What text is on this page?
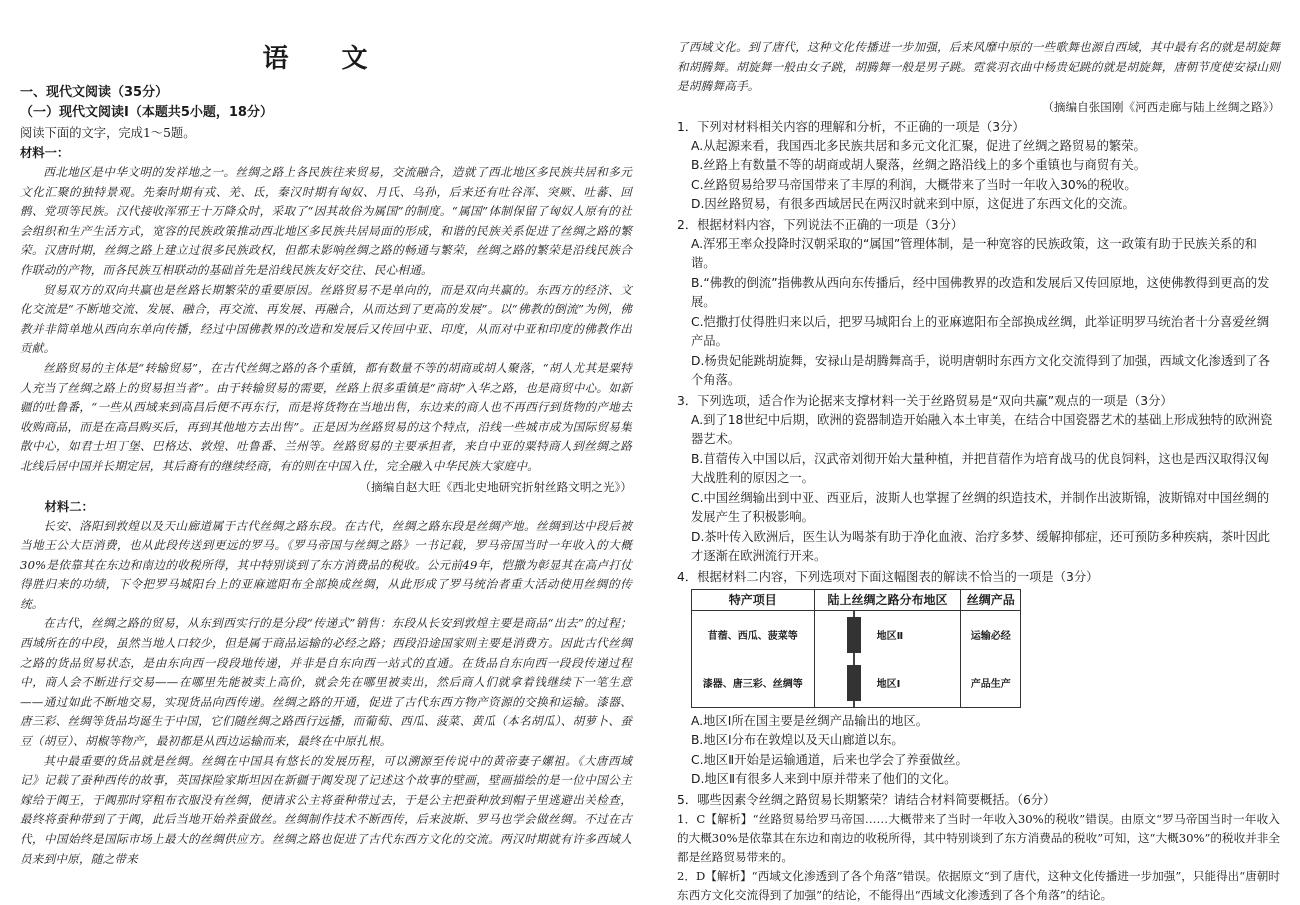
语 文
一、现代文阅读（35分）
（一）现代文阅读Ⅰ（本题共5小题，18分）
阅读下面的文字，完成1～5题。
材料一：

西北地区是中华文明的发祥地之一。丝绸之路上各民族往来贸易，交流融合，造就了西北地区多民族共居和多元文化汇聚的独特景观。先秦时期有戎、羌、氐，秦汉时期有匈奴、月氏、乌孙，后来还有吐谷浑、突厥、吐蕃、回鹘、党项等民族。汉代接收浑邪王十万降众时，采取了“因其故俗为属国”的制度。“属国”体制保留了匈奴人原有的社会组织和生产生活方式，宽容的民族政策推动西北地区多民族共居局面的形成，和谐的民族关系促进了丝绸之路的繁荣。汉唐时期，丝绸之路上建立过很多民族政权，但都未影响丝绸之路的畅通与繁荣，丝绸之路的繁荣是沿线民族合作联动的产物，而各民族互相联动的基础首先是沿线民族友好交往、民心相通。

贸易双方的双向共赢也是丝路长期繁荣的重要原因。丝路贸易不是单向的，而是双向共赢的。东西方的经济、文化交流是“不断地交流、发展、融合，再交流、再发展、再融合，从而达到了更高的发展”。以“佛教的倒流”为例，佛教并非简单地从西向东单向传播，经过中国佛教界的改造和发展后又传回中亚、印度，从而对中亚和印度的佛教作出贡献。

丝路贸易的主体是“转输贸易”，在古代丝绸之路的各个重镇，都有数量不等的胡商或胡人聚落，“胡人尤其是粟特人充当了丝绸之路上的贸易担当者”。由于转输贸易的需要，丝路上很多重镇是“商胡”入华之路，也是商贸中心。如新疆的吐鲁番，“一些从西域来到高昌后便不再东行，而是将货物在当地出售，东边来的商人也不再西行到货物的产地去收购商品，而是在高昌购买后，再到其他地方去出售”。正是因为丝路贸易的这个特点，沿线一些城市成为国际贸易集散中心，如君士坦丁堡、巴格达、敦煌、吐鲁番、兰州等。丝路贸易的主要承担者，来自中亚的粟特商人到丝绸之路北线后居中国并长期定居，其后裔有的继续经商，有的则在中国入仕，完全融入中华民族大家庭中。

（摘编自赵大旺《西北史地研究折射丝路文明之光》）

材料二：

长安、洛阳到敦煌以及天山廊道属于古代丝绸之路东段。在古代，丝绸之路东段是丝绸产地。丝绸到达中段后被当地王公大臣消费，也从此段传送到更远的罗马。《罗马帝国与丝绸之路》一书记载，罗马帝国当时一年收入的大概30%是依靠其在东边和南边的收税所得，其中特别谈到了东方消费品的税收。公元前49年，恺撒为彰显其在高卢打仗得胜归来的功绩，下令把罗马城阳台上的亚麻遮阳布全部换成丝绸，从此形成了罗马统治者重大活动使用丝绸的传统。

在古代，丝绸之路的贸易，从东到西实行的是分段“传递式”销售：东段从长安到敦煌主要是商品“出去”的过程；西域所在的中段，虽然当地人口较少，但是属于商品运输的必经之路；西段沿途国家则主要是消费方。因此古代丝绸之路的货品贸易状态，是由东向西一段段地传递，并非是自东向西一站式的直通。在货品自东向西一段段传递过程中，商人会不断进行交易——在哪里先能被卖上高价，就会先在哪里被卖出，然后商人们就拿着钱继续下一笔生意——通过如此不断地交易，实现货品向西传递。丝绸之路的开通，促进了古代东西方物产资源的交换和运输。漆器、唐三彩、丝绸等货品均诞生于中国，它们随丝绸之路西行远播，而葡萄、西瓜、菠菜、黄瓜（本名胡瓜）、胡萝卜、蚕豆（胡豆）、胡椒等物产，最初都是从西边运输而来，最终在中原扎根。

其中最重要的货品就是丝绸。丝绸在中国具有悠长的发展历程，可以溯源至传说中的黄帝妻子嫘祖。《大唐西域记》记载了蚕种西传的故事，英国探险家斯坦因在新疆于阗发现了记述这个故事的壁画，壁画描绘的是一位中国公主嫁给于阗王，于阗那时穿粗布衣服没有丝绸，便请求公主将蚕种带过去，于是公主把蚕种放到帽子里逃避出关检查，最终将蚕种带到了于阗，此后当地开始养蚕做丝。丝绸制作技术不断西传，后来波斯、罗马也学会做丝绸。不过在古代，中国始终是国际市场上最大的丝绸供应方。丝绸之路也促进了古代东西方文化的交流。两汉时期就有许多西域人员来到中原，随之带来

了西域文化。到了唐代，这种文化传播进一步加强，后来风靡中原的一些歌舞也源自西域，其中最有名的就是胡旋舞和胡腾舞。胡旋舞一般由女子跳，胡腾舞一般是男子跳。霓裳羽衣曲中杨贵妃跳的就是胡旋舞，唐朝节度使安禄山则是胡腾舞高手。

（摘编自张国刚《河西走廊与陆上丝绸之路》）

1．下列对材料相关内容的理解和分析，不正确的一项是（3分）

A.从起源来看，我国西北多民族共居和多元文化汇聚，促进了丝绸之路贸易的繁荣。

B.丝路上有数量不等的胡商或胡人聚落，丝绸之路沿线上的多个重镇也与商贸有关。

C.丝路贸易给罗马帝国带来了丰厚的利润，大概带来了当时一年收入30%的税收。

D.因丝路贸易，有很多西域居民在两汉时就来到中原，这促进了东西文化的交流。

2．根据材料内容，下列说法不正确的一项是（3分）

A.浑邪王率众投降时汉朝采取的“属国”管理体制，是一种宽容的民族政策，这一政策有助于民族关系的和谐。

B.“佛教的倒流”指佛教从西向东传播后，经中国佛教界的改造和发展后又传回原地，这使佛教得到更高的发展。

C.恺撒打仗得胜归来以后，把罗马城阳台上的亚麻遮阳布全部换成丝绸，此举证明罗马统治者十分喜爱丝绸产品。

D.杨贵妃能跳胡旋舞，安禄山是胡腾舞高手，说明唐朝时东西方文化交流得到了加强，西域文化渗透到了各个角落。

3．下列选项，适合作为论据来支撑材料一关于丝路贸易是“双向共赢”观点的一项是（3分）

A.到了18世纪中后期，欧洲的瓷器制造开始融入本土审美，在结合中国瓷器艺术的基础上形成独特的欧洲瓷器艺术。

B.苜蓿传入中国以后，汉武帝刘彻开始大量种植，并把苜蓿作为培育战马的优良饲料，这也是西汉取得汉匈大战胜利的原因之一。

C.中国丝绸输出到中亚、西亚后，波斯人也掌握了丝绸的织造技术，并制作出波斯锦，波斯锦对中国丝绸的发展产生了积极影响。

D.茶叶传入欧洲后，医生认为喝茶有助于净化血液、治疗多梦、缓解抑郁症，还可预防多种疾病，茶叶因此才逐渐在欧洲流行开来。

4．根据材料二内容，下列选项对下面这幅图表的解读不恰当的一项是（3分）

特产项目	陆上丝绸之路分布地区	丝绸产品
苜蓿、西瓜、菠菜等	地区Ⅱ	运输必经
漆器、唐三彩、丝绸等	地区Ⅰ	产品生产

A.地区Ⅰ所在国主要是丝绸产品输出的地区。

B.地区Ⅰ分布在敦煌以及天山廊道以东。

C.地区Ⅱ开始是运输通道，后来也学会了养蚕做丝。

D.地区Ⅱ有很多人来到中原并带来了他们的文化。

5．哪些因素令丝绸之路贸易长期繁荣？请结合材料简要概括。（6分）

1．C【解析】“丝路贸易给罗马帝国……大概带来了当时一年收入30%的税收”错误。由原文“罗马帝国当时一年收入的大概30%是依靠其在东边和南边的收税所得，其中特别谈到了东方消费品的税收”可知，这“大概30%”的税收并非全都是丝路贸易带来的。

2．D【解析】“西域文化渗透到了各个角落”错误。依据原文“到了唐代，这种文化传播进一步加强”，只能得出“唐朝时东西方文化交流得到了加强”的结论，不能得出“西域文化渗透到了各个角落”的结论。
